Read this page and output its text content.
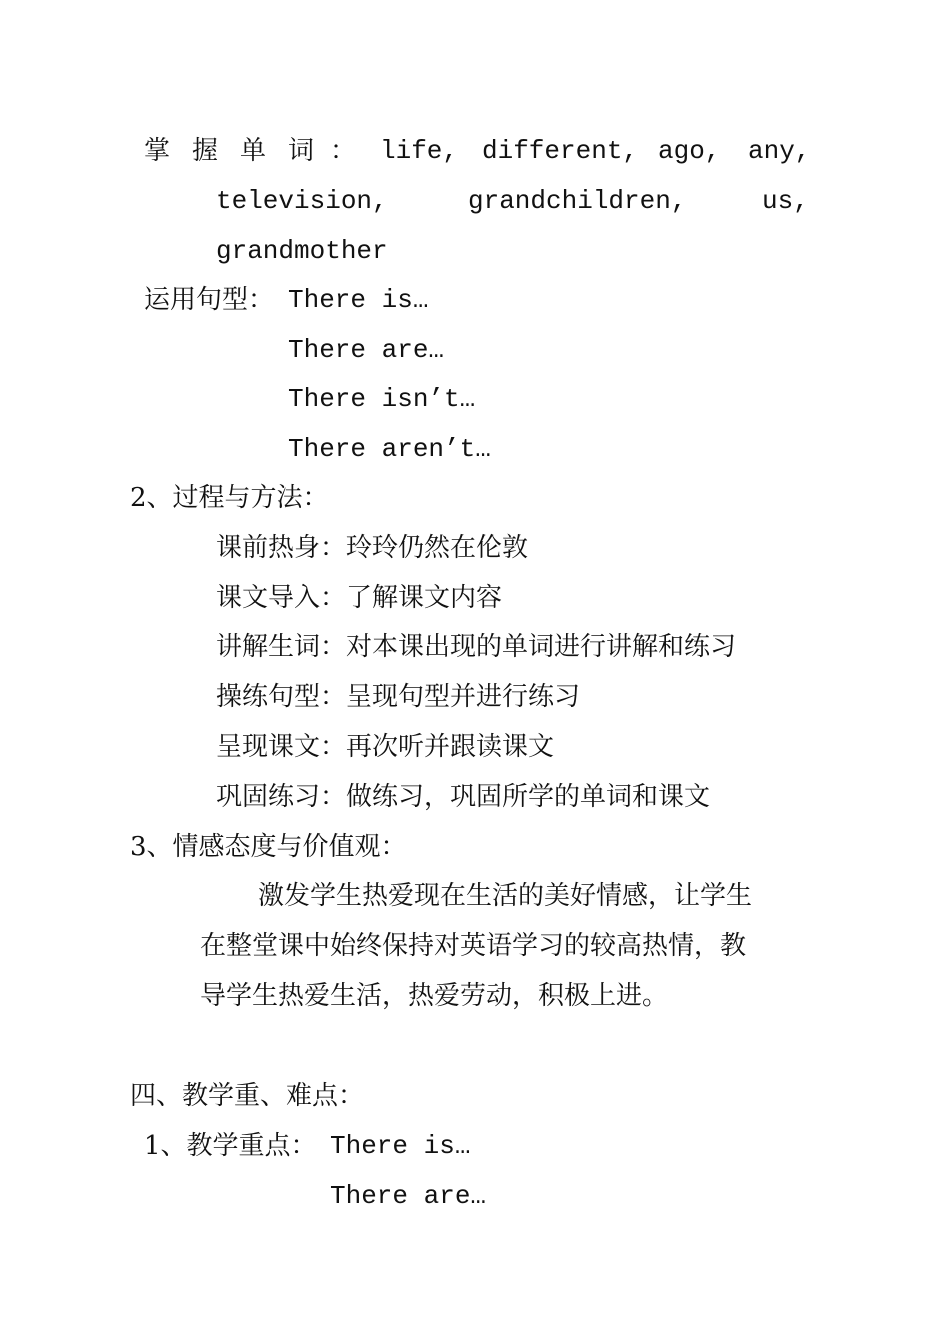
掌 握 单 词 ： life, different, ago, any,
television,	grandchildren,	us,
grandmother
运用句型： There is…
There are…
There isn’t…
There aren’t…
2、过程与方法：
课前热身：玲玲仍然在伦敦
课文导入：了解课文内容
讲解生词：对本课出现的单词进行讲解和练习
操练句型：呈现句型并进行练习
呈现课文：再次听并跟读课文
巩固练习：做练习，巩固所学的单词和课文
3、情感态度与价值观：
激发学生热爱现在生活的美好情感，让学生
在整堂课中始终保持对英语学习的较高热情，教
导学生热爱生活，热爱劳动，积极上进。
四、教学重、难点：
1、教学重点： There is…
There are…
